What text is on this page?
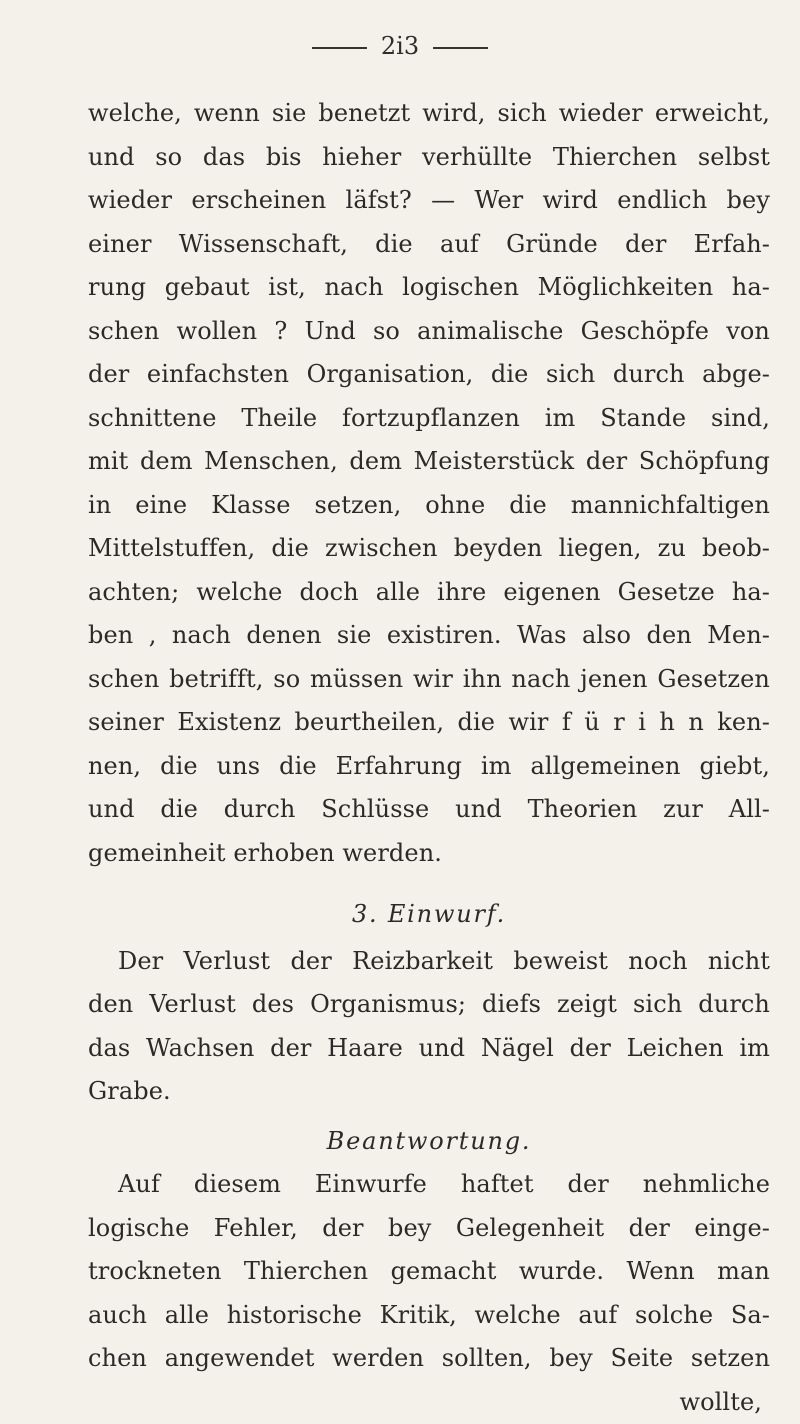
2i3
welche, wenn sie benetzt wird, sich wieder erweicht,
und so das bis hieher verhüllte Thierchen selbst
wieder erscheinen läfst? — Wer wird endlich bey
einer Wissenschaft, die auf Gründe der Erfah-
rung gebaut ist, nach logischen Möglichkeiten ha-
schen wollen ? Und so animalische Geschöpfe von
der einfachsten Organisation, die sich durch abge-
schnittene Theile fortzupflanzen im Stande sind,
mit dem Menschen, dem Meisterstück der Schöpfung
in eine Klasse setzen, ohne die mannichfaltigen
Mittelstuffen, die zwischen beyden liegen, zu beob-
achten; welche doch alle ihre eigenen Gesetze ha-
ben , nach denen sie existiren. Was also den Men-
schen betrifft, so müssen wir ihn nach jenen Gesetzen
seiner Existenz beurtheilen, die wir f ü r i h n ken-
nen, die uns die Erfahrung im allgemeinen giebt,
und die durch Schlüsse und Theorien zur All-
gemeinheit erhoben werden.
3. Einwurf.
Der Verlust der Reizbarkeit beweist noch nicht
den Verlust des Organismus; diefs zeigt sich durch
das Wachsen der Haare und Nägel der Leichen im
Grabe.
Beantwortung.
Auf diesem Einwurfe haftet der nehmliche
logische Fehler, der bey Gelegenheit der einge-
trockneten Thierchen gemacht wurde. Wenn man
auch alle historische Kritik, welche auf solche Sa-
chen angewendet werden sollten, bey Seite setzen
wollte,
